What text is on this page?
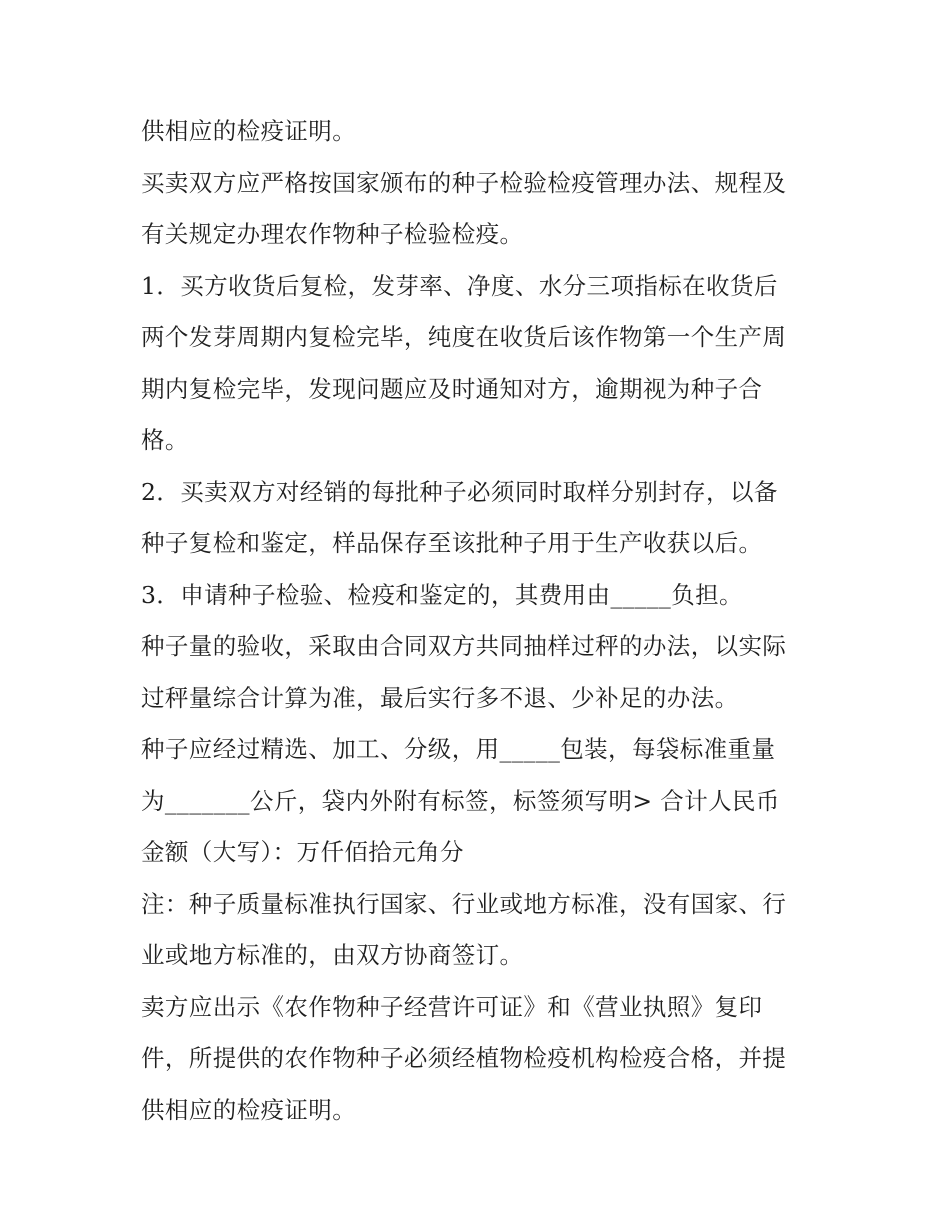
供相应的检疫证明。
买卖双方应严格按国家颁布的种子检验检疫管理办法、规程及
有关规定办理农作物种子检验检疫。
1．买方收货后复检，发芽率、净度、水分三项指标在收货后
两个发芽周期内复检完毕，纯度在收货后该作物第一个生产周
期内复检完毕，发现问题应及时通知对方，逾期视为种子合
格。
2．买卖双方对经销的每批种子必须同时取样分别封存，以备
种子复检和鉴定，样品保存至该批种子用于生产收获以后。
3．申请种子检验、检疫和鉴定的，其费用由_____负担。
种子量的验收，采取由合同双方共同抽样过秤的办法，以实际
过秤量综合计算为准，最后实行多不退、少补足的办法。
种子应经过精选、加工、分级，用_____包装，每袋标准重量
为_______公斤，袋内外附有标签，标签须写明> 合计人民币
金额（大写）：万仟佰拾元角分
注：种子质量标准执行国家、行业或地方标准，没有国家、行
业或地方标准的，由双方协商签订。
卖方应出示《农作物种子经营许可证》和《营业执照》复印
件，所提供的农作物种子必须经植物检疫机构检疫合格，并提
供相应的检疫证明。
